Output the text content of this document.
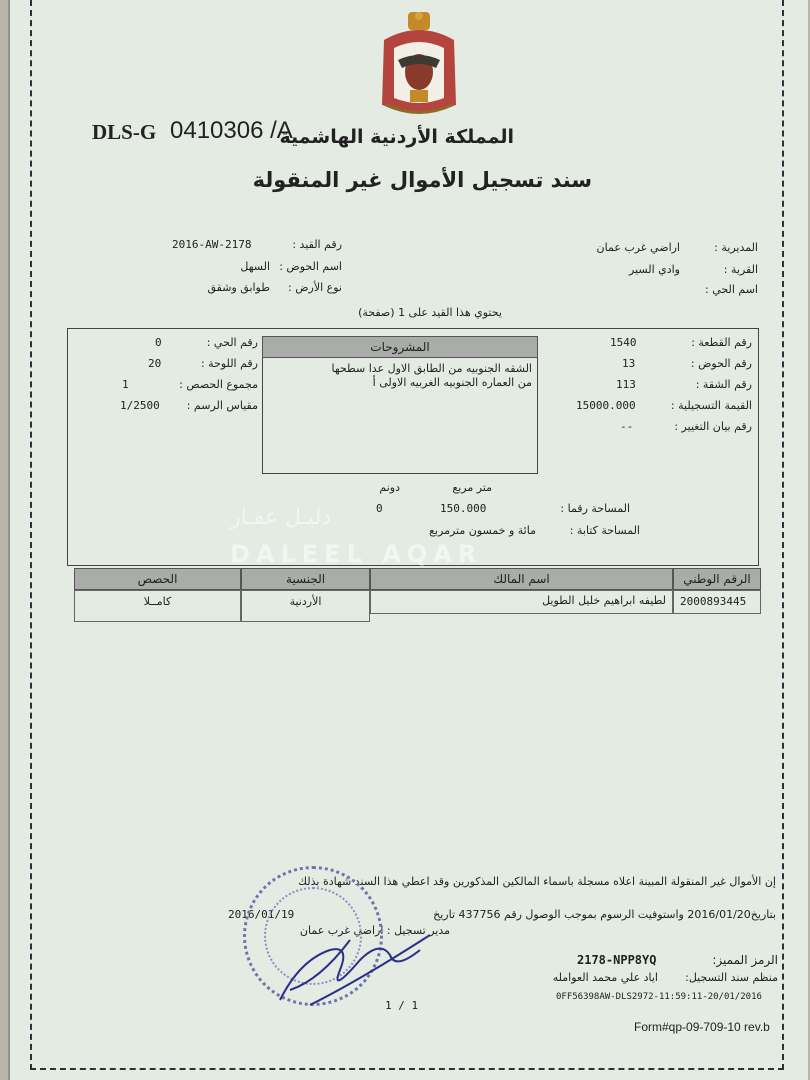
DLS-G 0410306 /A
المملكة الأردنية الهاشمية
سند تسجيل الأموال غير المنقولة
رقم القيد :
2016-AW-2178
اسم الحوض :
السهل
نوع الأرض :
طوابق وشقق
المديرية :
اراضي غرب عمان
القرية :
وادي السير
اسم الحي :
يحتوي هذا القيد على 1 (صفحة)
رقم القطعة :
1540
رقم الحوض :
13
رقم الشقة :
113
القيمة التسجيلية :
15000.000
رقم بيان التغيير :
--
المشروحات
الشقه الجنوبيه من الطابق الاول عدا سطحها
من العماره الجنوبيه الغربيه الاولى أ
رقم الحي :
0
رقم اللوحة :
20
مجموع الحصص :
1
مقياس الرسم :
1/2500
متر مربع
دونم
المساحة رقما :
150.000
0
المساحة كتابة :
مائة و خمسون مترمربع
دليـل عقـار
DALEEL AQAR
الرقم الوطني
اسم المالك
الجنسية
الحصص
2000893445
لطيفه ابراهيم خليل الطويل
الأردنية
كامــلا
إن الأموال غير المنقولة المبينة اعلاه مسجلة باسماء المالكين المذكورين وقد اعطي هذا السند شهادة بذلك
بتاريخ2016/01/20 واستوفيت الرسوم بموجب الوصول رقم 437756 تاريخ
2016/01/19
مدير تسجيل : اراضي غرب عمان
الرمز المميز:
2178-NPP8YQ
منظم سند التسجيل:
اياد علي محمد العوامله
0FF56398AW-DLS2972-11:59:11-20/01/2016
1 / 1
Form#qp-09-709-10 rev.b
